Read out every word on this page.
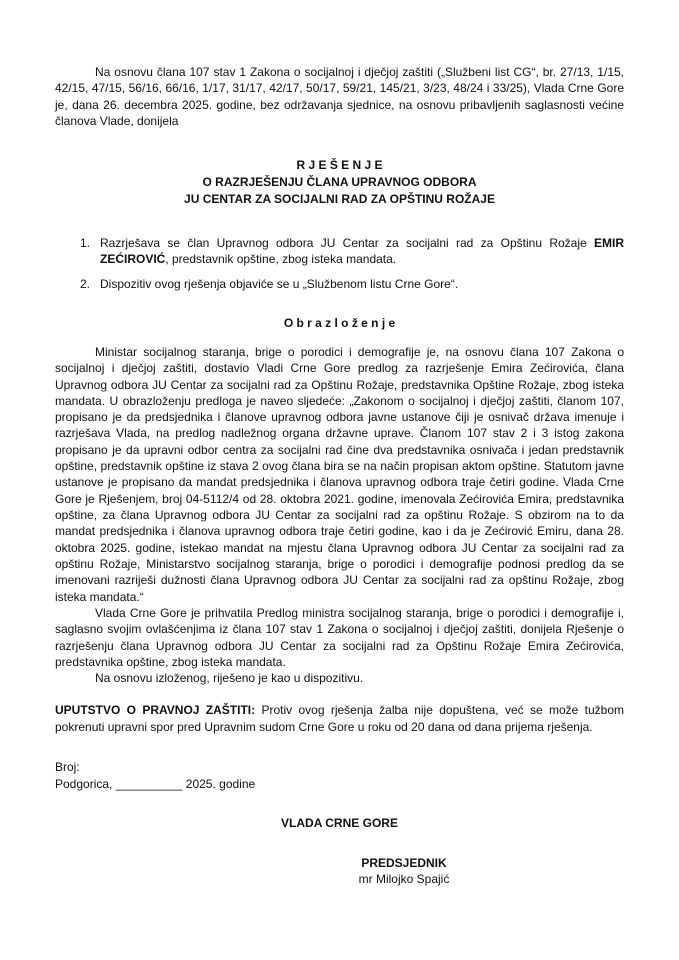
Na osnovu člana 107 stav 1 Zakona o socijalnoj i dječjoj zaštiti („Službeni list CG“, br. 27/13, 1/15, 42/15, 47/15, 56/16, 66/16, 1/17, 31/17, 42/17, 50/17, 59/21, 145/21, 3/23, 48/24 i 33/25), Vlada Crne Gore je, dana 26. decembra 2025. godine, bez održavanja sjednice, na osnovu pribavljenih saglasnosti većine članova Vlade, donijela

R J E Š E N J E
O RAZRJEŠENJU ČLANA UPRAVNOG ODBORA
JU CENTAR ZA SOCIJALNI RAD ZA OPŠTINU ROŽAJE
1. Razrješava se član Upravnog odbora JU Centar za socijalni rad za Opštinu Rožaje EMIR ZEĆIROVIĆ, predstavnik opštine, zbog isteka mandata.
2. Dispozitiv ovog rješenja objaviće se u „Službenom listu Crne Gore“.
O b r a z l o ž e n j e

Ministar socijalnog staranja, brige o porodici i demografije je, na osnovu člana 107 Zakona o socijalnoj i dječjoj zaštiti, dostavio Vladi Crne Gore predlog za razrješenje Emira Zećirovića, člana Upravnog odbora JU Centar za socijalni rad za Opštinu Rožaje, predstavnika Opštine Rožaje, zbog isteka mandata. U obrazloženju predloga je naveo sljedeće: „Zakonom o socijalnoj i dječjoj zaštiti, članom 107, propisano je da predsjednika i članove upravnog odbora javne ustanove čiji je osnivač država imenuje i razrješava Vlada, na predlog nadležnog organa državne uprave. Članom 107 stav 2 i 3 istog zakona propisano je da upravni odbor centra za socijalni rad čine dva predstavnika osnivača i jedan predstavnik opštine, predstavnik opštine iz stava 2 ovog člana bira se na način propisan aktom opštine. Statutom javne ustanove je propisano da mandat predsjednika i članova upravnog odbora traje četiri godine. Vlada Crne Gore je Rješenjem, broj 04-5112/4 od 28. oktobra 2021. godine, imenovala Zećirovića Emira, predstavnika opštine, za člana Upravnog odbora JU Centar za socijalni rad za opštinu Rožaje. S obzirom na to da mandat predsjednika i članova upravnog odbora traje četiri godine, kao i da je Zećirović Emiru, dana 28. oktobra 2025. godine, istekao mandat na mjestu člana Upravnog odbora JU Centar za socijalni rad za opštinu Rožaje, Ministarstvo socijalnog staranja, brige o porodici i demografije podnosi predlog da se imenovani razriješi dužnosti člana Upravnog odbora JU Centar za socijalni rad za opštinu Rožaje, zbog isteka mandata.“

Vlada Crne Gore je prihvatila Predlog ministra socijalnog staranja, brige o porodici i demografije i, saglasno svojim ovlašćenjima iz člana 107 stav 1 Zakona o socijalnoj i dječjoj zaštiti, donijela Rješenje o razrješenju člana Upravnog odbora JU Centar za socijalni rad za Opštinu Rožaje Emira Zećirovića, predstavnika opštine, zbog isteka mandata.

Na osnovu izloženog, riješeno je kao u dispozitivu.

UPUTSTVO O PRAVNOJ ZAŠTITI: Protiv ovog rješenja žalba nije dopuštena, već se može tužbom pokrenuti upravni spor pred Upravnim sudom Crne Gore u roku od 20 dana od dana prijema rješenja.

Broj:
Podgorica, __________ 2025. godine
VLADA CRNE GORE
PREDSJEDNIK
mr Milojko Spajić
